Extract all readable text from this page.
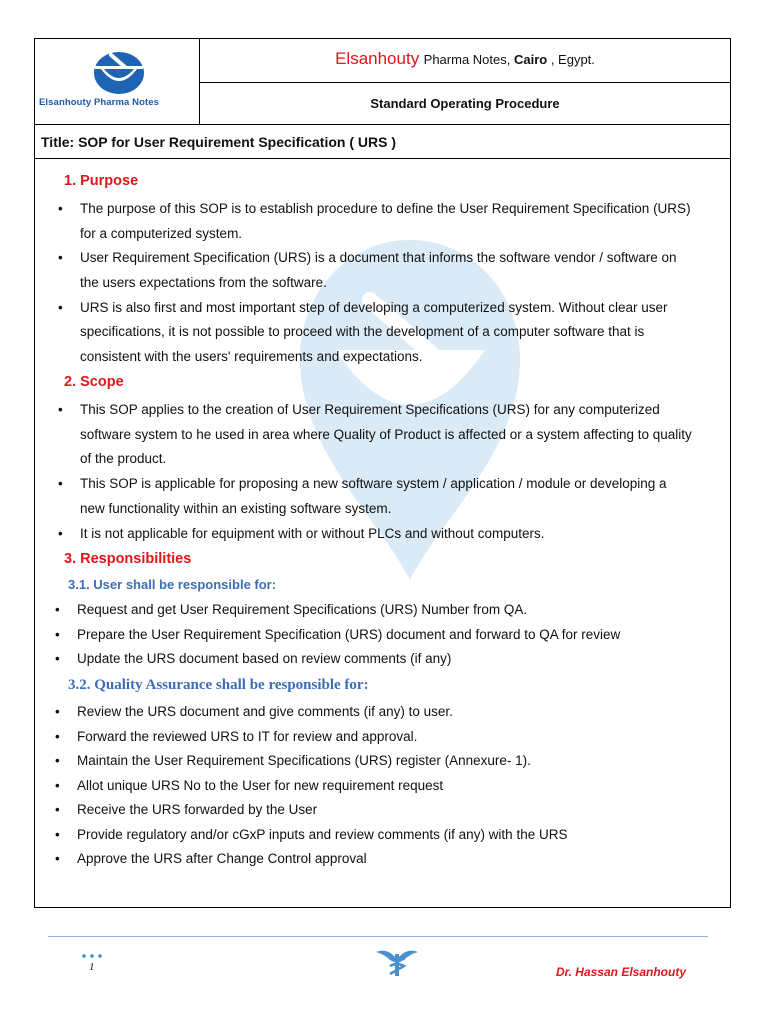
Elsanhouty Pharma Notes
Elsanhouty Pharma Notes, Cairo , Egypt.
Standard Operating Procedure
Title: SOP for User Requirement Specification ( URS )
1. Purpose
• The purpose of this SOP is to establish procedure to define the User Requirement Specification (URS)
for a computerized system.
• User Requirement Specification (URS) is a document that informs the software vendor / software on
the users expectations from the software.
• URS is also first and most important step of developing a computerized system. Without clear user
specifications, it is not possible to proceed with the development of a computer software that is
consistent with the users' requirements and expectations.
2. Scope
• This SOP applies to the creation of User Requirement Specifications (URS) for any computerized
software system to he used in area where Quality of Product is affected or a system affecting to quality
of the product.
• This SOP is applicable for proposing a new software system / application / module or developing a
new functionality within an existing software system.
• It is not applicable for equipment with or without PLCs and without computers.
3. Responsibilities
3.1. User shall be responsible for:
• Request and get User Requirement Specifications (URS) Number from QA.
• Prepare the User Requirement Specification (URS) document and forward to QA for review
• Update the URS document based on review comments (if any)
3.2. Quality Assurance shall be responsible for:
• Review the URS document and give comments (if any) to user.
• Forward the reviewed URS to IT for review and approval.
• Maintain the User Requirement Specifications (URS) register (Annexure- 1).
• Allot unique URS No to the User for new requirement request
• Receive the URS forwarded by the User
• Provide regulatory and/or cGxP inputs and review comments (if any) with the URS
• Approve the URS after Change Control approval
1	Dr. Hassan Elsanhouty
